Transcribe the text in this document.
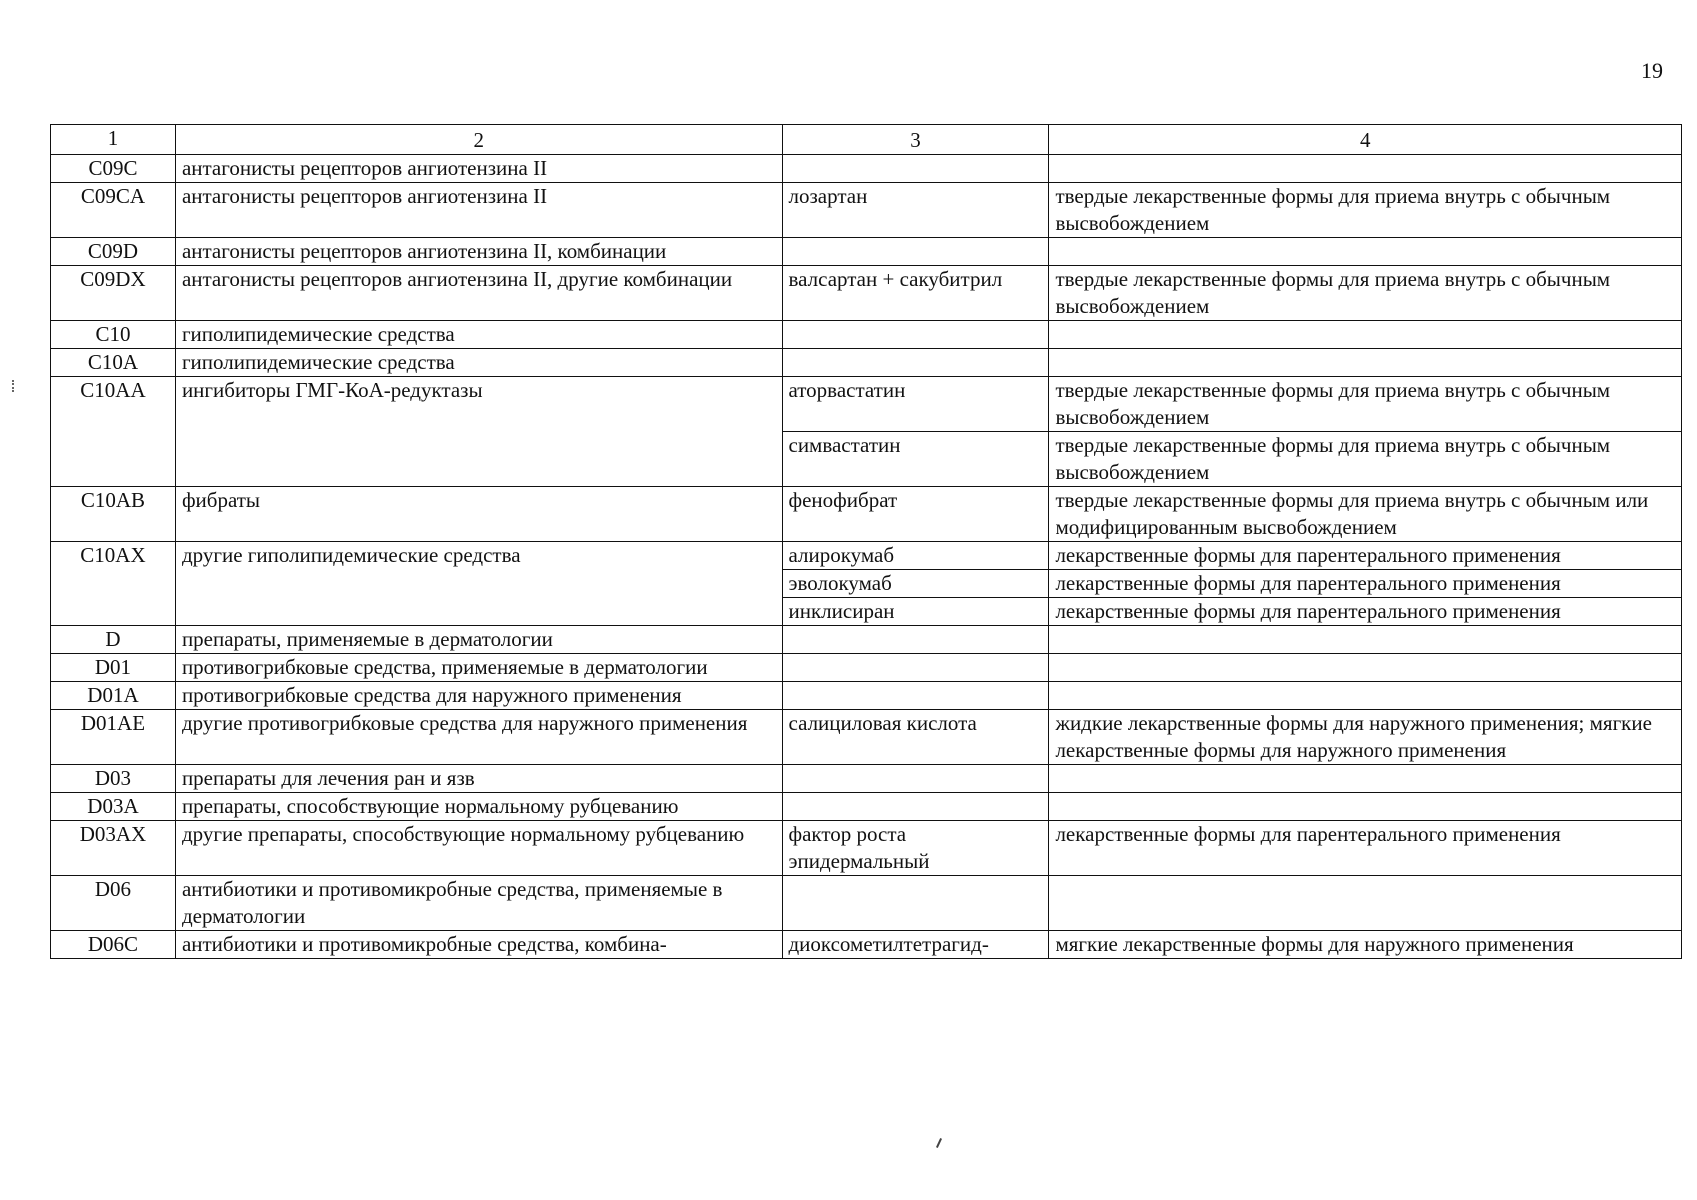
19
1	2	3	4
C09C	антагонисты рецепторов ангиотензина II		
C09CA	антагонисты рецепторов ангиотензина II	лозартан	твердые лекарственные формы для приема внутрь с обычным высвобождением
C09D	антагонисты рецепторов ангиотензина II, комбинации		
C09DX	антагонисты рецепторов ангиотензина II, другие комбинации	валсартан + сакубитрил	твердые лекарственные формы для приема внутрь с обычным высвобождением
C10	гиполипидемические средства		
C10A	гиполипидемические средства		
C10AA	ингибиторы ГМГ-КоА-редуктазы	аторвастатин	твердые лекарственные формы для приема внутрь с обычным высвобождением
		симвастатин	твердые лекарственные формы для приема внутрь с обычным высвобождением
C10AB	фибраты	фенофибрат	твердые лекарственные формы для приема внутрь с обычным или модифицированным высвобождением
C10AX	другие гиполипидемические средства	алирокумаб	лекарственные формы для парентерального применения
		эволокумаб	лекарственные формы для парентерального применения
		инклисиран	лекарственные формы для парентерального применения
D	препараты, применяемые в дерматологии		
D01	противогрибковые средства, применяемые в дерматологии		
D01A	противогрибковые средства для наружного применения		
D01AE	другие противогрибковые средства для наружного применения	салициловая кислота	жидкие лекарственные формы для наружного применения; мягкие лекарственные формы для наружного применения
D03	препараты для лечения ран и язв		
D03A	препараты, способствующие нормальному рубцеванию		
D03AX	другие препараты, способствующие нормальному рубцеванию	фактор роста эпидермальный	лекарственные формы для парентерального применения
D06	антибиотики и противомикробные средства, применяемые в дерматологии		
D06C	антибиотики и противомикробные средства, комбина-	диоксометилтетрагид-	мягкие лекарственные формы для наружного применения
